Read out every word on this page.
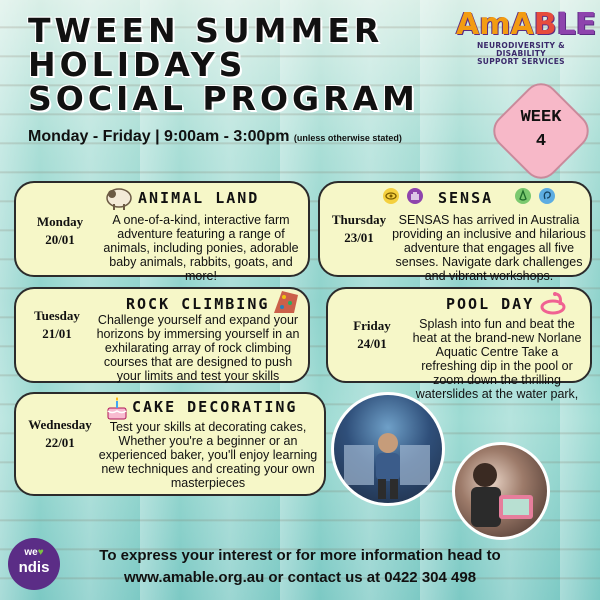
TWEEN SUMMER
HOLIDAYS
SOCIAL PROGRAM
AmABLE
NEURODIVERSITY & DISABILITY
SUPPORT SERVICES
WEEK
4
Monday - Friday | 9:00am - 3:00pm (unless otherwise stated)
ANIMAL LAND
Monday
20/01
A one-of-a-kind, interactive farm adventure featuring a range of animals, including ponies, adorable baby animals, rabbits, goats, and more!
SENSA
Thursday
23/01
SENSAS has arrived in Australia providing an inclusive and hilarious adventure that engages all five senses. Navigate dark challenges and vibrant workshops.
ROCK CLIMBING
Tuesday
21/01
Challenge yourself and expand your horizons by immersing yourself in an exhilarating array of rock climbing courses that are designed to push your limits and test your skills
POOL DAY
Friday
24/01
Splash into fun and beat the heat at the brand-new Norlane Aquatic Centre Take a refreshing dip in the pool or zoom down the thrilling waterslides at the water park,
CAKE DECORATING
Wednesday
22/01
Test your skills at decorating cakes, Whether you're a beginner or an experienced baker, you'll enjoy learning new techniques and creating your own masterpieces
we♥
ndis
To express your interest or for more information head to
www.amable.org.au or contact us at 0422 304 498
